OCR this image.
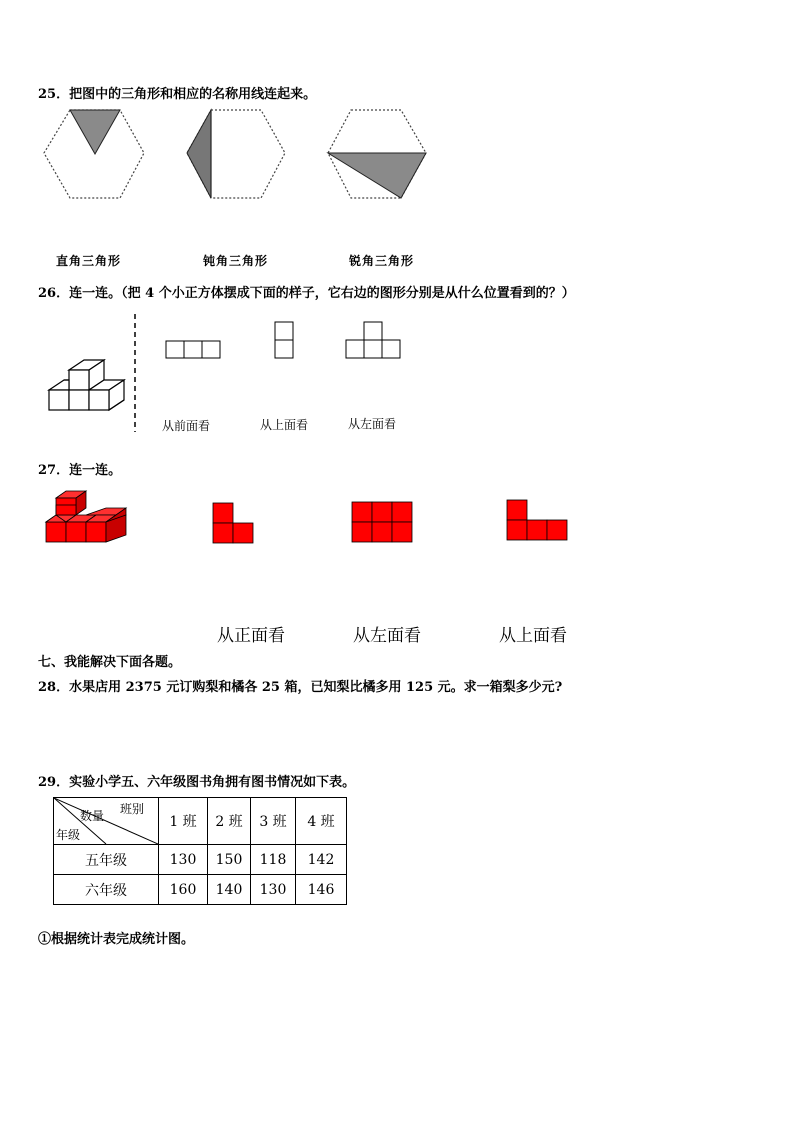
25．把图中的三角形和相应的名称用线连起来。
直角三角形	钝角三角形	锐角三角形
26．连一连。（把 4 个小正方体摆成下面的样子，它右边的图形分别是从什么位置看到的？）
从前面看	从上面看	从左面看
27．连一连。
从正面看	从左面看	从上面看
七、我能解决下面各题。
28．水果店用 2375 元订购梨和橘各 25 箱，已知梨比橘多用 125 元。求一箱梨多少元?
29．实验小学五、六年级图书角拥有图书情况如下表。
班别
数量
年级	1 班	2 班	3 班	4 班
五年级	130	150	118	142
六年级	160	140	130	146
①根据统计表完成统计图。
